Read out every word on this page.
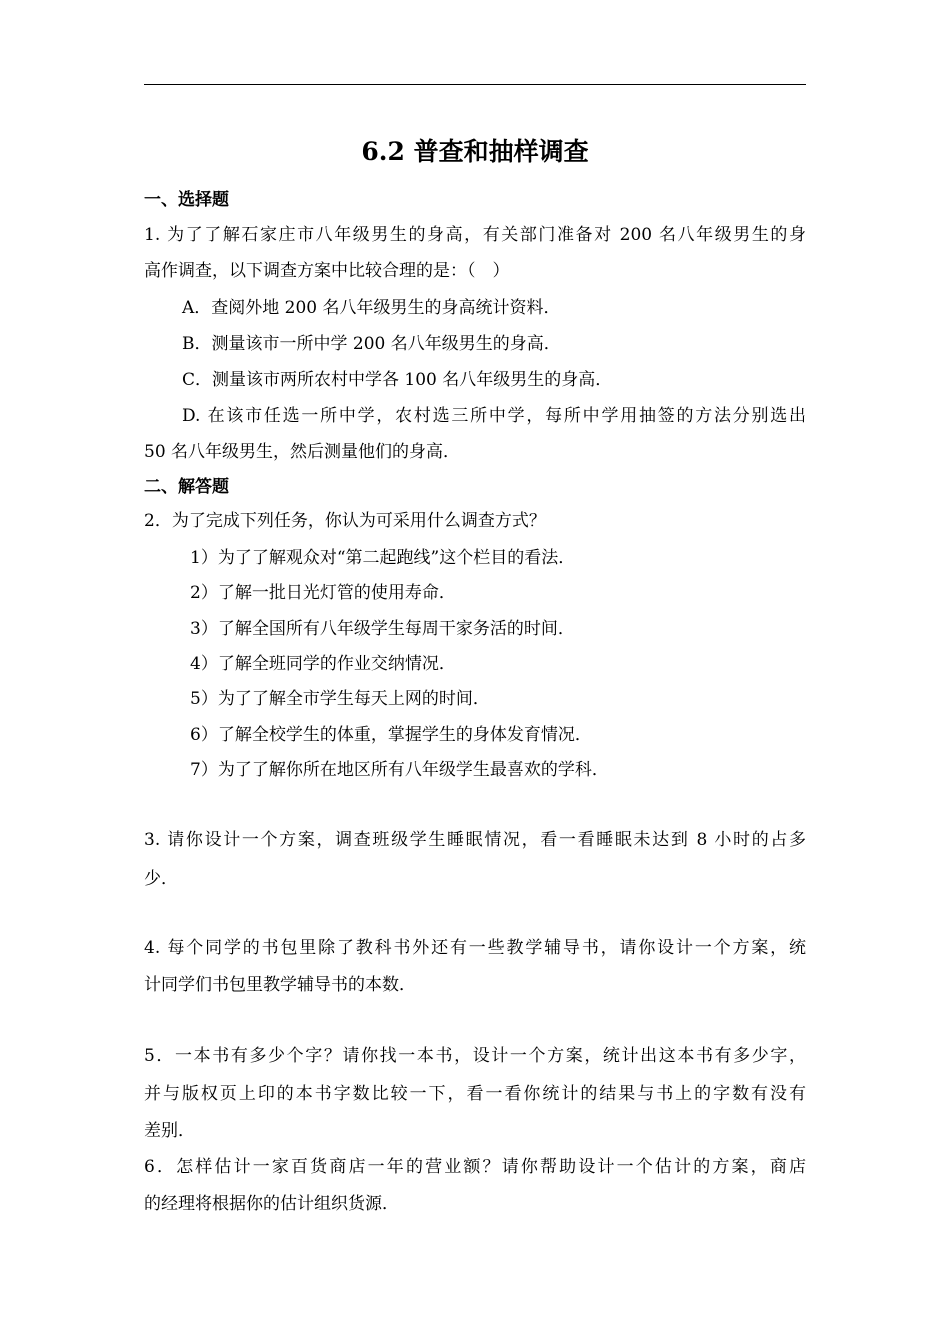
6.2 普查和抽样调查
一、选择题
1. 为了了解石家庄市八年级男生的身高，有关部门准备对 200 名八年级男生的身
高作调查，以下调查方案中比较合理的是：（　）
A．查阅外地 200 名八年级男生的身高统计资料．
B．测量该市一所中学 200 名八年级男生的身高．
C．测量该市两所农村中学各 100 名八年级男生的身高．
D. 在该市任选一所中学，农村选三所中学，每所中学用抽签的方法分别选出
50 名八年级男生，然后测量他们的身高．
二、解答题
2．为了完成下列任务，你认为可采用什么调查方式？
1）为了了解观众对“第二起跑线”这个栏目的看法．
2）了解一批日光灯管的使用寿命．
3）了解全国所有八年级学生每周干家务活的时间．
4）了解全班同学的作业交纳情况．
5）为了了解全市学生每天上网的时间．
6）了解全校学生的体重，掌握学生的身体发育情况．
7）为了了解你所在地区所有八年级学生最喜欢的学科．
3. 请你设计一个方案，调查班级学生睡眠情况，看一看睡眠未达到 8 小时的占多
少．
4. 每个同学的书包里除了教科书外还有一些教学辅导书，请你设计一个方案，统
计同学们书包里教学辅导书的本数．
5．一本书有多少个字？请你找一本书，设计一个方案，统计出这本书有多少字，
并与版权页上印的本书字数比较一下，看一看你统计的结果与书上的字数有没有
差别．
6．怎样估计一家百货商店一年的营业额？请你帮助设计一个估计的方案，商店
的经理将根据你的估计组织货源．
